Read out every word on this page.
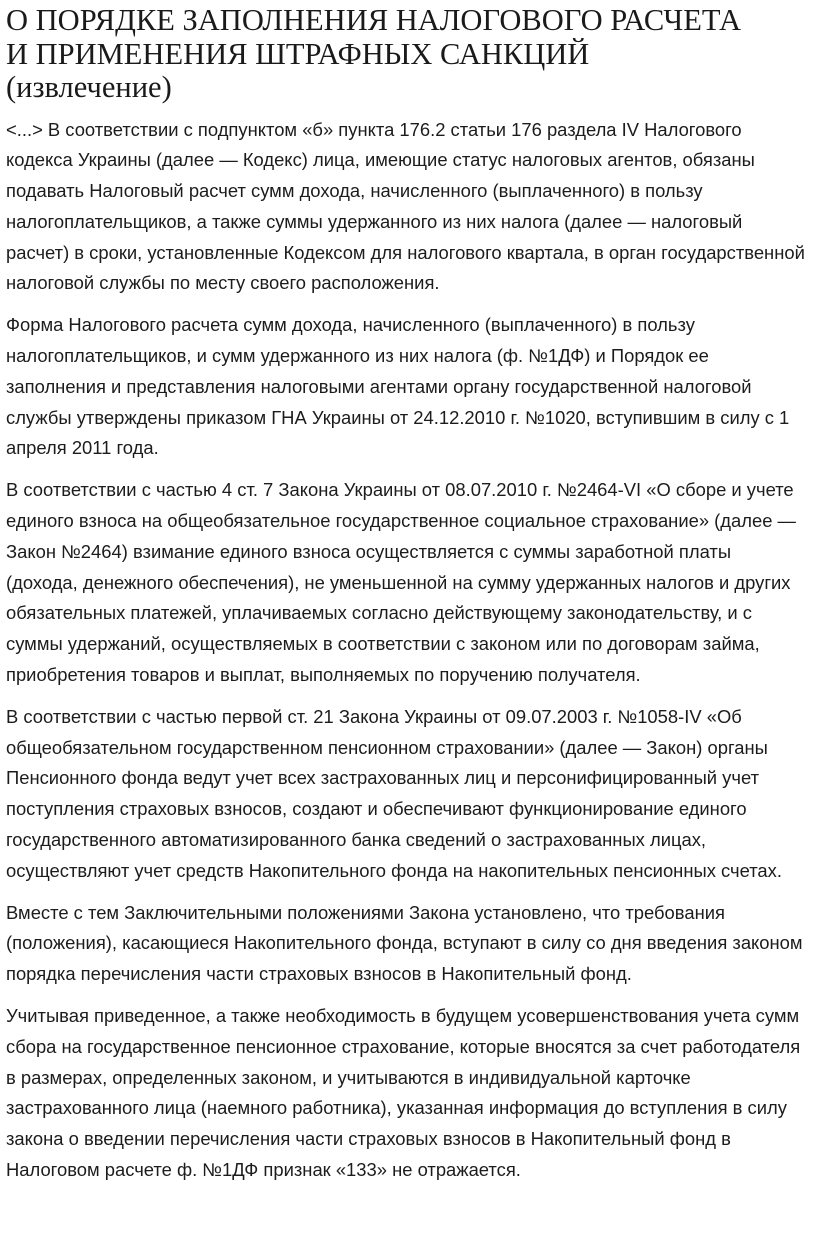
О ПОРЯДКЕ ЗАПОЛНЕНИЯ НАЛОГОВОГО РАСЧЕТА
И ПРИМЕНЕНИЯ ШТРАФНЫХ САНКЦИЙ
(извлечение)

<...> В соответствии с подпунктом «б» пункта 176.2 статьи 176 раздела IV Налогового кодекса Украины (далее — Кодекс) лица, имеющие статус налоговых агентов, обязаны подавать Налоговый расчет сумм дохода, начисленного (выплаченного) в пользу налогоплательщиков, а также суммы удержанного из них налога (далее — налоговый расчет) в сроки, установленные Кодексом для налогового квартала, в орган государственной налоговой службы по месту своего расположения.

Форма Налогового расчета сумм дохода, начисленного (выплаченного) в пользу налогоплательщиков, и сумм удержанного из них налога (ф. №1ДФ) и Порядок ее заполнения и представления налоговыми агентами органу государственной налоговой службы утверждены приказом ГНА Украины от 24.12.2010 г. №1020, вступившим в силу с 1 апреля 2011 года.

В соответствии с частью 4 ст. 7 Закона Украины от 08.07.2010 г. №2464-VI «О сборе и учете единого взноса на общеобязательное государственное социальное страхование» (далее — Закон №2464) взимание единого взноса осуществляется с суммы заработной платы (дохода, денежного обеспечения), не уменьшенной на сумму удержанных налогов и других обязательных платежей, уплачиваемых согласно действующему законодательству, и с суммы удержаний, осуществляемых в соответствии с законом или по договорам займа, приобретения товаров и выплат, выполняемых по поручению получателя.

В соответствии с частью первой ст. 21 Закона Украины от 09.07.2003 г. №1058-IV «Об общеобязательном государственном пенсионном страховании» (далее — Закон) органы Пенсионного фонда ведут учет всех застрахованных лиц и персонифицированный учет поступления страховых взносов, создают и обеспечивают функционирование единого государственного автоматизированного банка сведений о застрахованных лицах, осуществляют учет средств Накопительного фонда на накопительных пенсионных счетах.

Вместе с тем Заключительными положениями Закона установлено, что требования (положения), касающиеся Накопительного фонда, вступают в силу со дня введения законом порядка перечисления части страховых взносов в Накопительный фонд.

Учитывая приведенное, а также необходимость в будущем усовершенствования учета сумм сбора на государственное пенсионное страхование, которые вносятся за счет работодателя в размерах, определенных законом, и учитываются в индивидуальной карточке застрахованного лица (наемного работника), указанная информация до вступления в силу закона о введении перечисления части страховых взносов в Накопительный фонд в Налоговом расчете ф. №1ДФ признак «133» не отражается.
